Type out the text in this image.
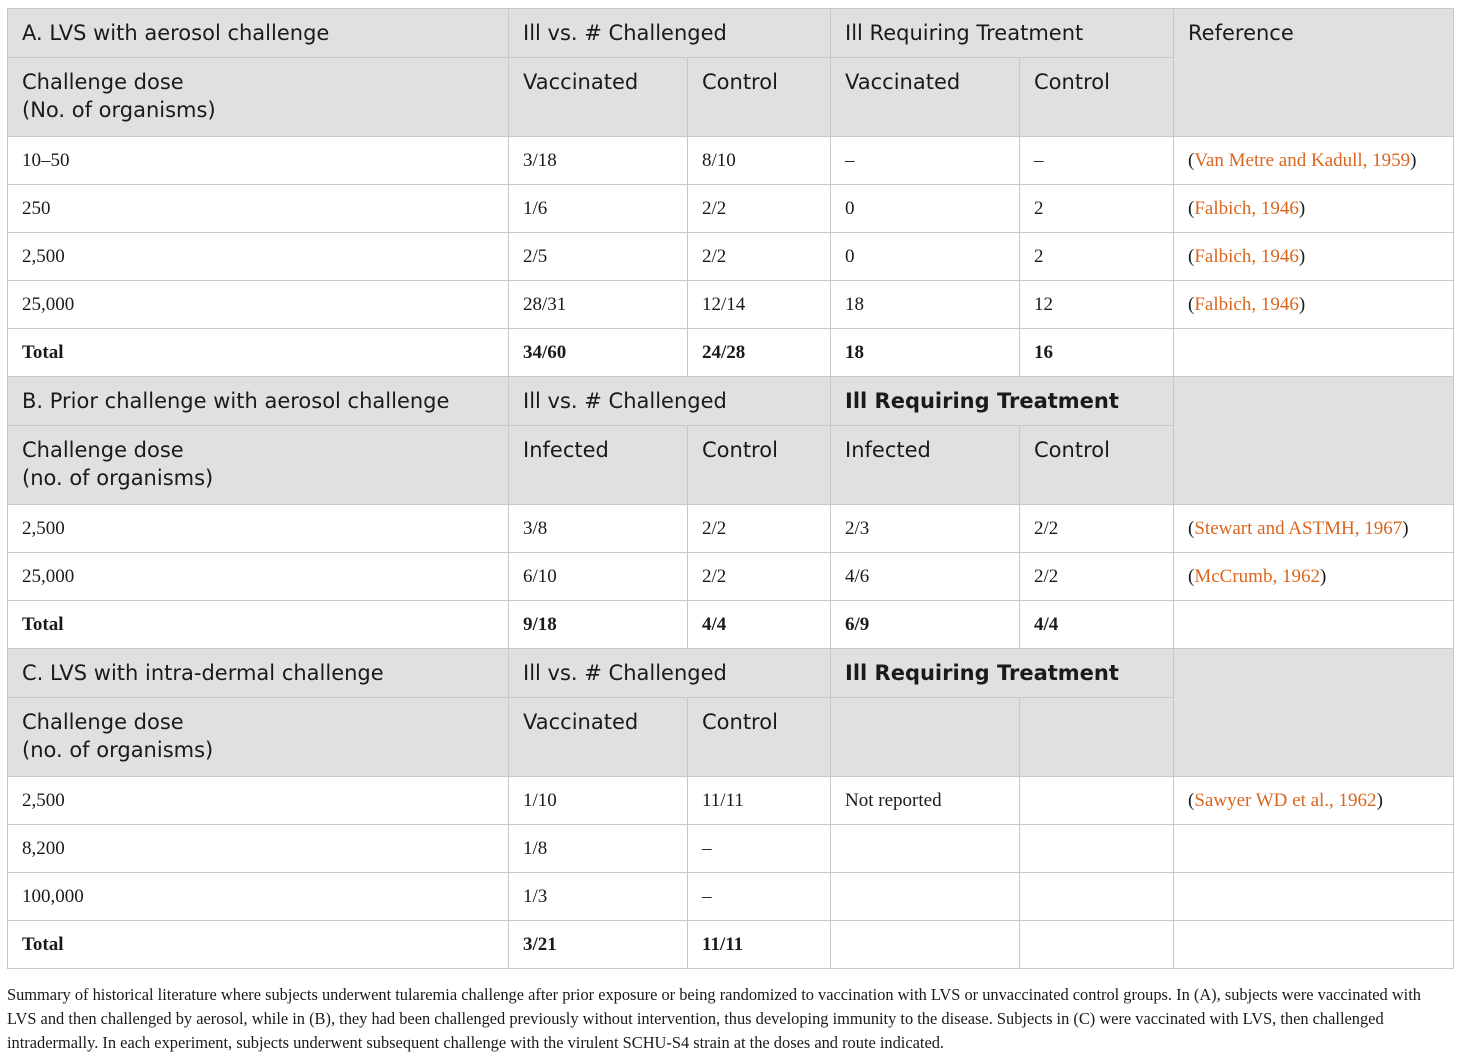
A. LVS with aerosol challenge	Ill vs. # Challenged		Ill Requiring Treatment		Reference
Challenge dose
(No. of organisms)	Vaccinated	Control	Vaccinated	Control	
10–50	3/18	8/10	–	–	(Van Metre and Kadull, 1959)
250	1/6	2/2	0	2	(Falbich, 1946)
2,500	2/5	2/2	0	2	(Falbich, 1946)
25,000	28/31	12/14	18	12	(Falbich, 1946)
Total	34/60	24/28	18	16	
B. Prior challenge with aerosol challenge	Ill vs. # Challenged		Ill Requiring Treatment		
Challenge dose
(no. of organisms)	Infected	Control	Infected	Control	
2,500	3/8	2/2	2/3	2/2	(Stewart and ASTMH, 1967)
25,000	6/10	2/2	4/6	2/2	(McCrumb, 1962)
Total	9/18	4/4	6/9	4/4	
C. LVS with intra-dermal challenge	Ill vs. # Challenged		Ill Requiring Treatment		
Challenge dose
(no. of organisms)	Vaccinated	Control			
2,500	1/10	11/11	Not reported		(Sawyer WD et al., 1962)
8,200	1/8	–			
100,000	1/3	–			
Total	3/21	11/11			

Summary of historical literature where subjects underwent tularemia challenge after prior exposure or being randomized to vaccination with LVS or unvaccinated control groups. In (A), subjects were vaccinated with LVS and then challenged by aerosol, while in (B), they had been challenged previously without intervention, thus developing immunity to the disease. Subjects in (C) were vaccinated with LVS, then challenged intradermally. In each experiment, subjects underwent subsequent challenge with the virulent SCHU-S4 strain at the doses and route indicated.
